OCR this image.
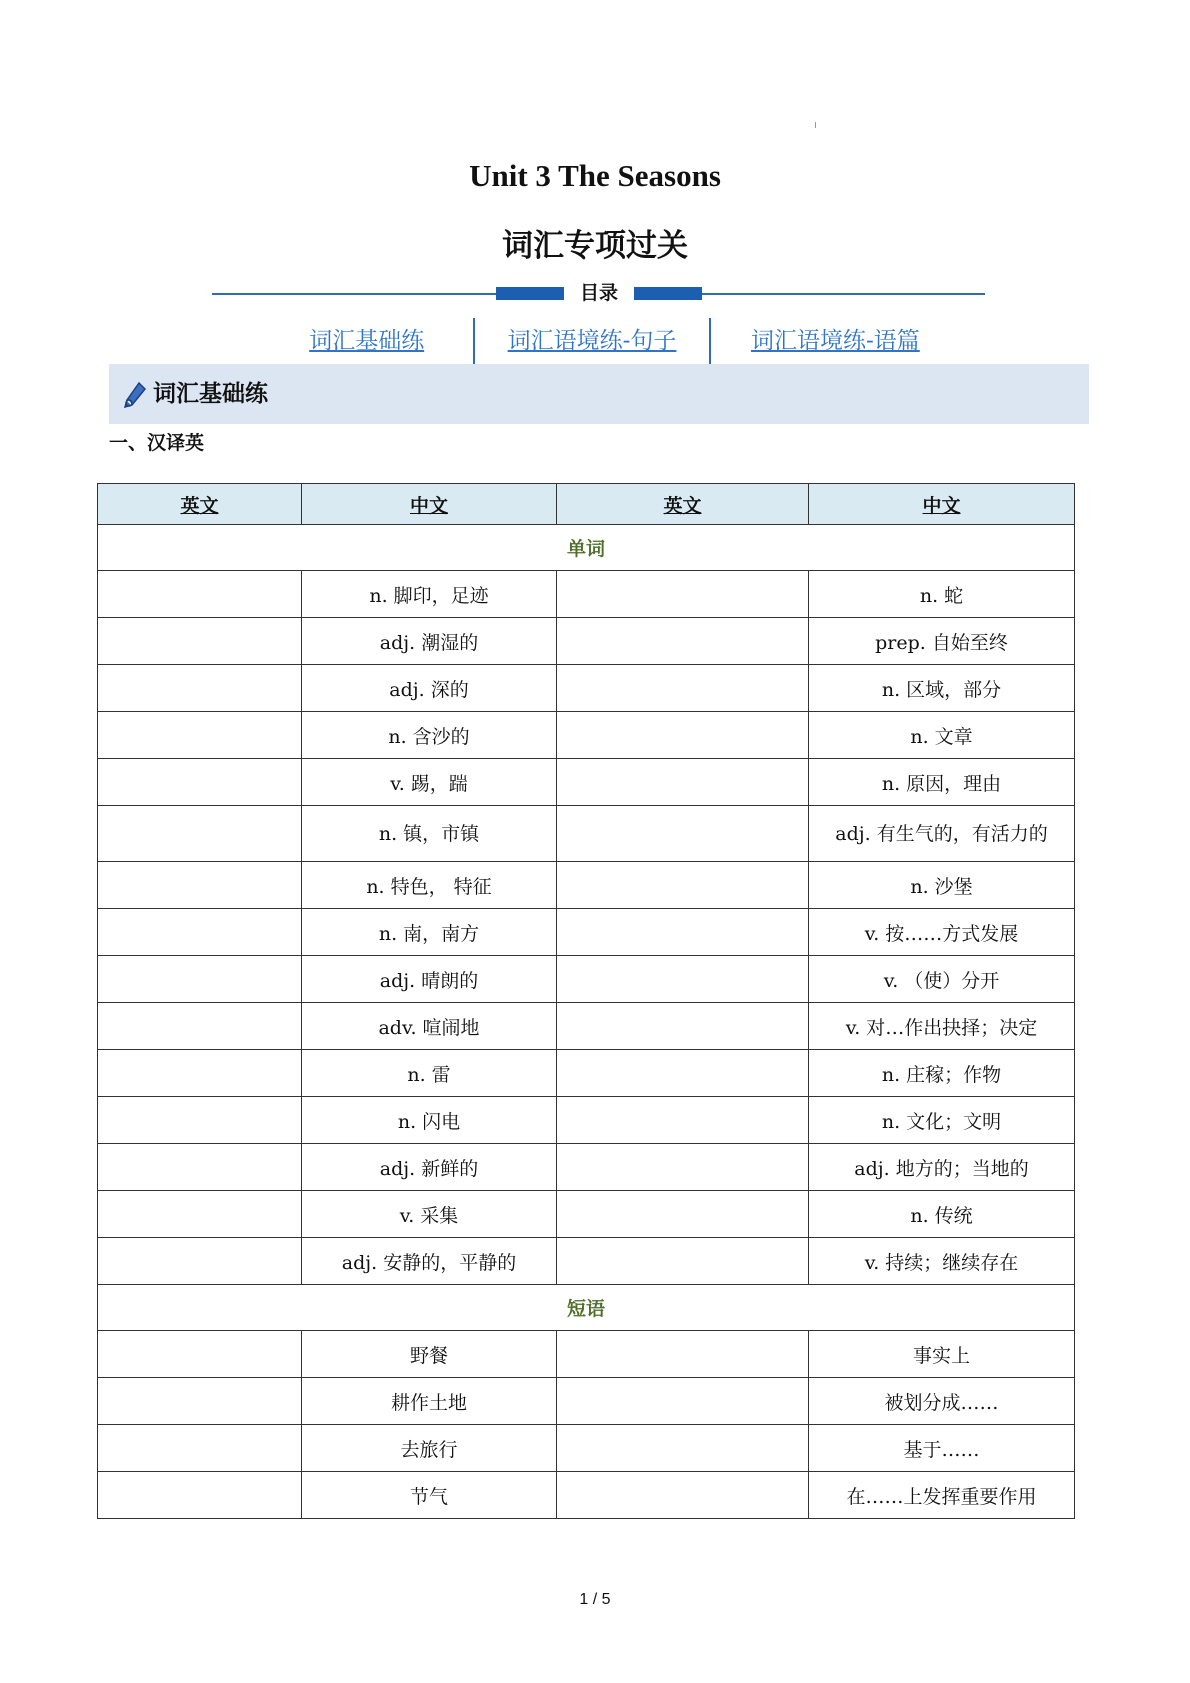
Unit 3 The Seasons
词汇专项过关
目录
词汇基础练	词汇语境练-句子	词汇语境练-语篇
词汇基础练
一、汉译英
英文	中文	英文	中文
单词			
	n. 脚印，足迹		n. 蛇
	adj. 潮湿的		prep. 自始至终
	adj. 深的		n. 区域，部分
	n. 含沙的		n. 文章
	v. 踢，踹		n. 原因，理由
	n. 镇，市镇		adj. 有生气的，有活力的
	n. 特色， 特征		n. 沙堡
	n. 南，南方		v. 按……方式发展
	adj. 晴朗的		v. （使）分开
	adv. 喧闹地		v. 对…作出抉择；决定
	n. 雷		n. 庄稼；作物
	n. 闪电		n. 文化；文明
	adj. 新鲜的		adj. 地方的；当地的
	v. 采集		n. 传统
	adj. 安静的，平静的		v. 持续；继续存在
短语			
	野餐		事实上
	耕作土地		被划分成……
	去旅行		基于……
	节气		在……上发挥重要作用
1 / 5
